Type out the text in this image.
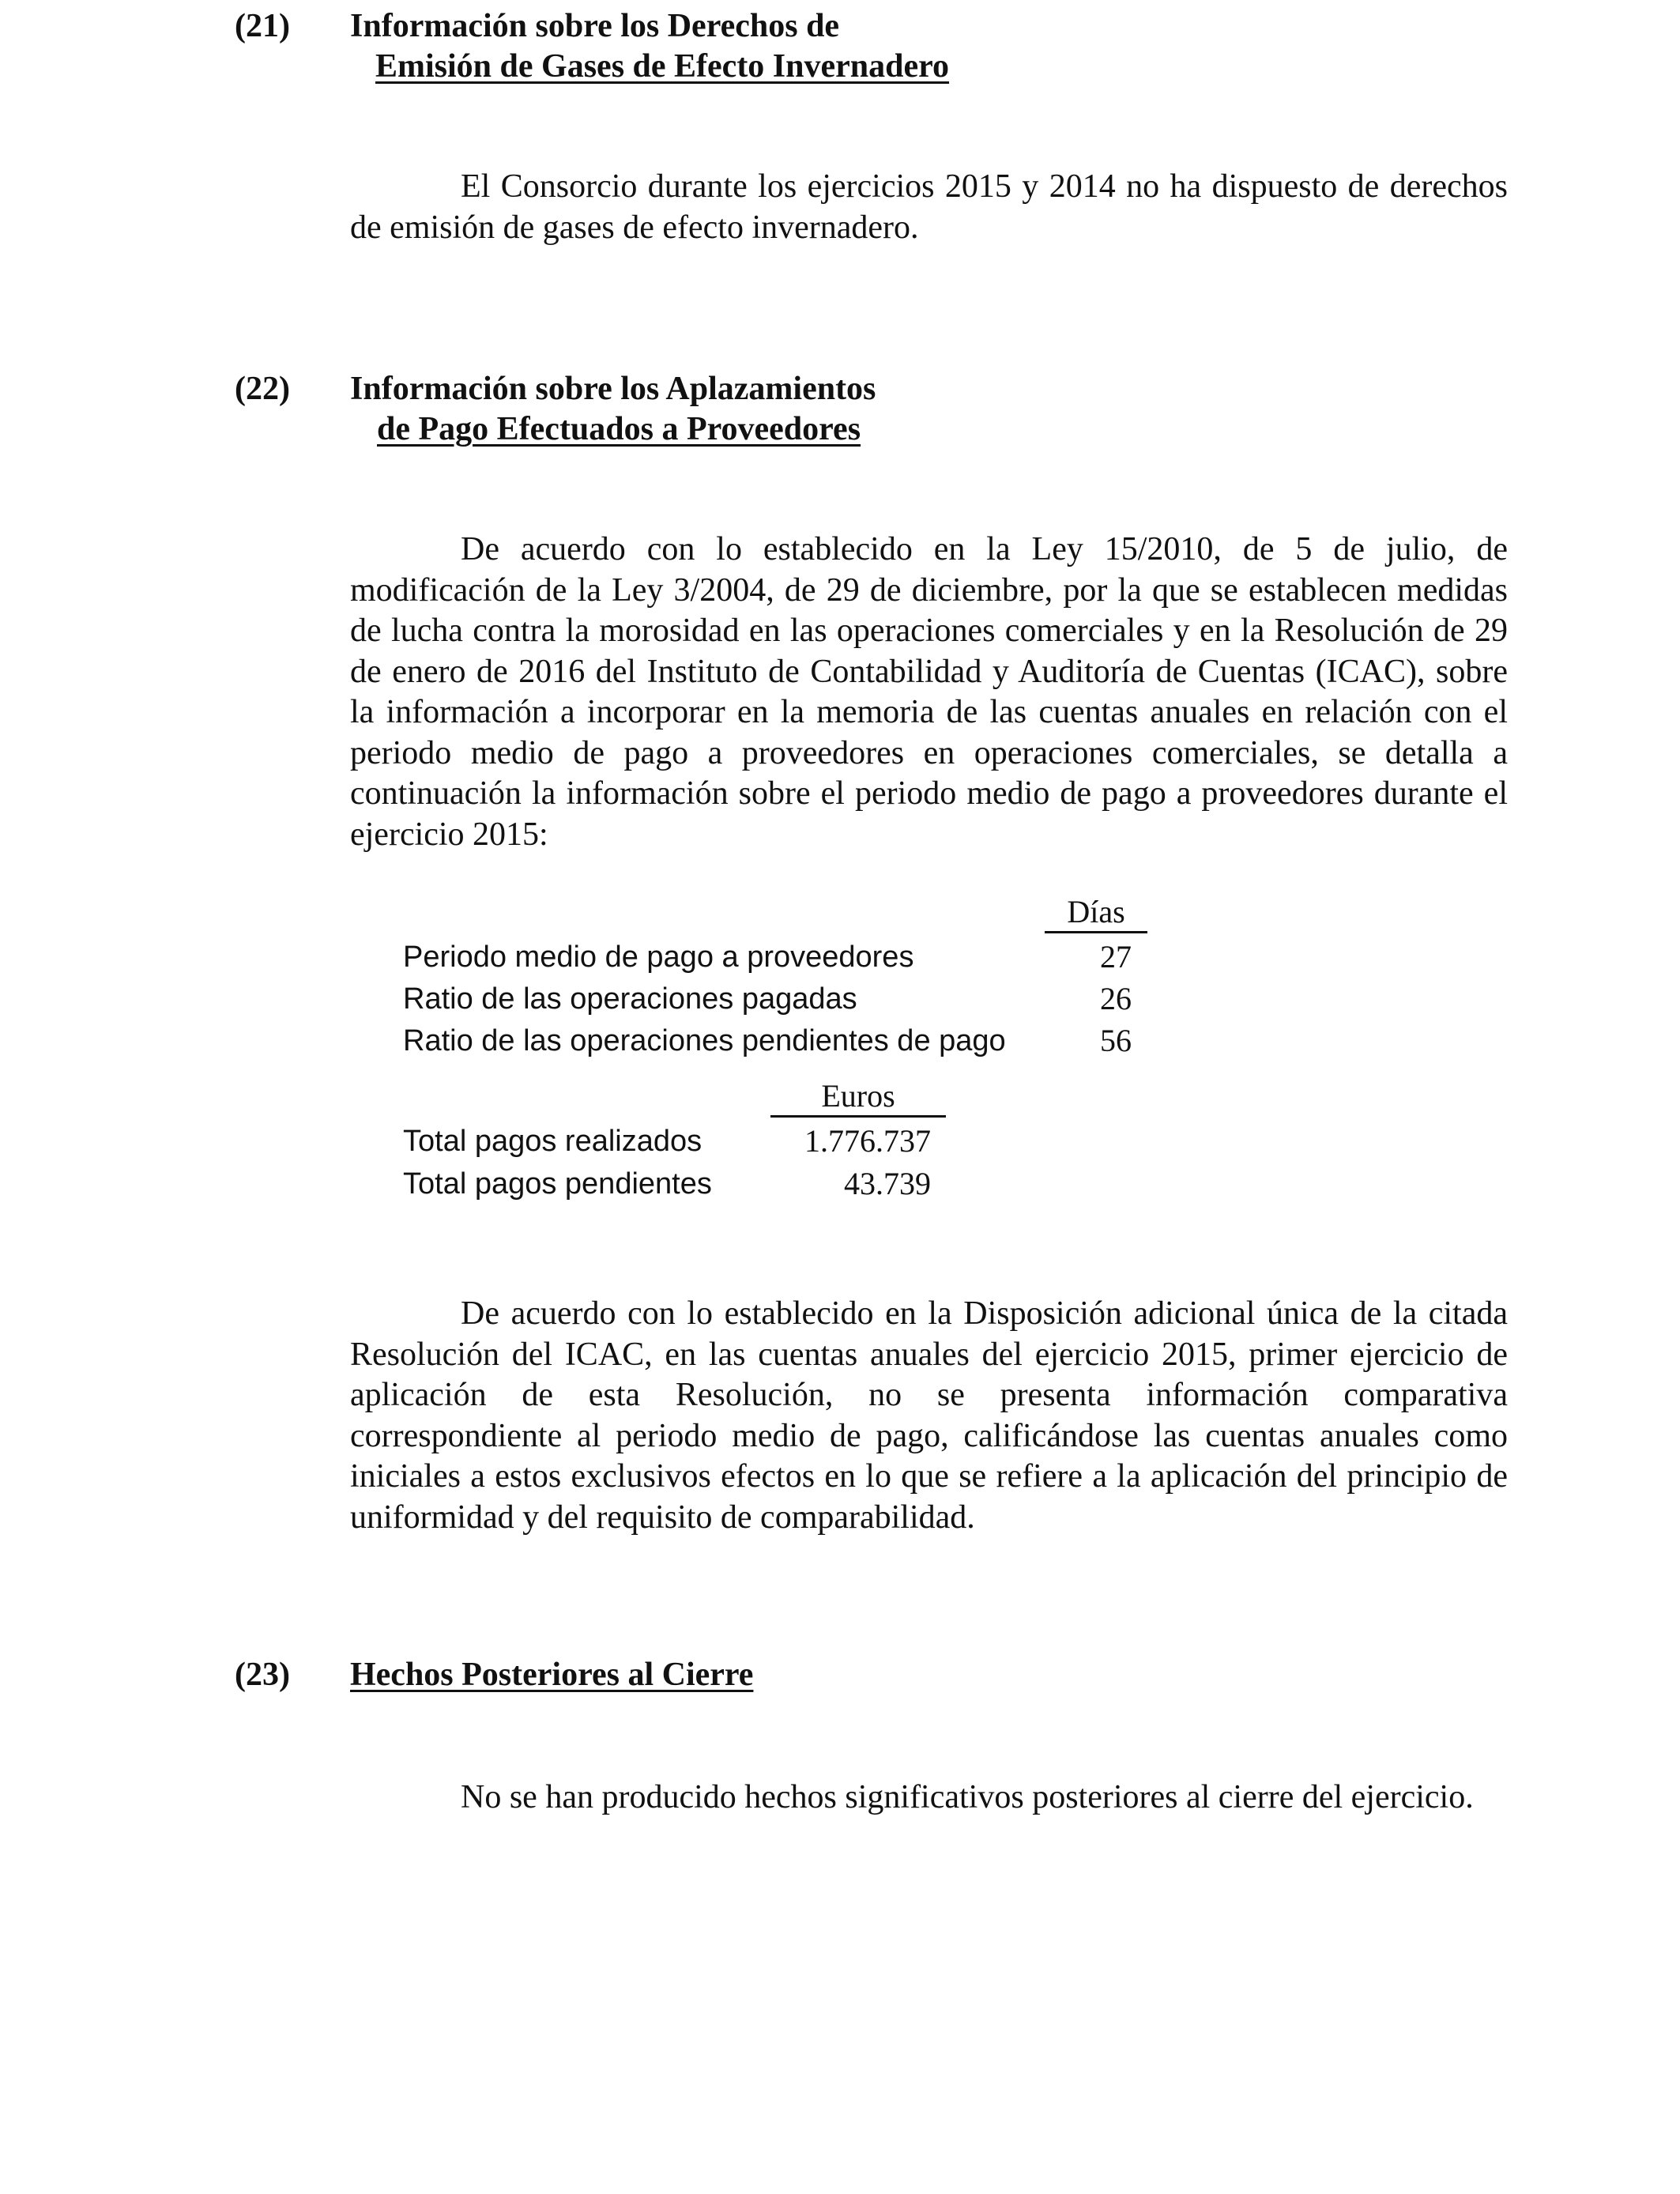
(21) Información sobre los Derechos de
Emisión de Gases de Efecto Invernadero
El Consorcio durante los ejercicios 2015 y 2014 no ha dispuesto de derechos de emisión de gases de efecto invernadero.
(22) Información sobre los Aplazamientos
de Pago Efectuados a Proveedores
De acuerdo con lo establecido en la Ley 15/2010, de 5 de julio, de modificación de la Ley 3/2004, de 29 de diciembre, por la que se establecen medidas de lucha contra la morosidad en las operaciones comerciales y en la Resolución de 29 de enero de 2016 del Instituto de Contabilidad y Auditoría de Cuentas (ICAC), sobre la información a incorporar en la memoria de las cuentas anuales en relación con el periodo medio de pago a proveedores en operaciones comerciales, se detalla a continuación la información sobre el periodo medio de pago a proveedores durante el ejercicio 2015:
Días
Periodo medio de pago a proveedores	27
Ratio de las operaciones pagadas	26
Ratio de las operaciones pendientes de pago	56
Euros
Total pagos realizados	1.776.737
Total pagos pendientes	43.739
De acuerdo con lo establecido en la Disposición adicional única de la citada Resolución del ICAC, en las cuentas anuales del ejercicio 2015, primer ejercicio de aplicación de esta Resolución, no se presenta información comparativa correspondiente al periodo medio de pago, calificándose las cuentas anuales como iniciales a estos exclusivos efectos en lo que se refiere a la aplicación del principio de uniformidad y del requisito de comparabilidad.
(23) Hechos Posteriores al Cierre
No se han producido hechos significativos posteriores al cierre del ejercicio.
